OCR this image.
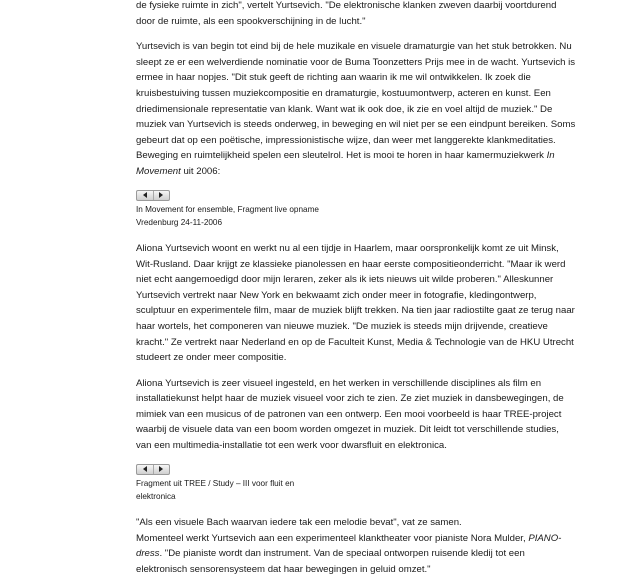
de fysieke ruimte in zich", vertelt Yurtsevich. "De elektronische klanken zweven daarbij voortdurend
door de ruimte, als een spookverschijning in de lucht."

Yurtsevich is van begin tot eind bij de hele muzikale en visuele dramaturgie van het stuk betrokken. Nu sleept ze er een welverdiende nominatie voor de Buma Toonzetters Prijs mee in de wacht. Yurtsevich is ermee in haar nopjes. "Dit stuk geeft de richting aan waarin ik me wil ontwikkelen. Ik zoek die kruisbestuiving tussen muziekcompositie en dramaturgie, kostuumontwerp, acteren en kunst. Een driedimensionale representatie van klank. Want wat ik ook doe, ik zie en voel altijd de muziek." De muziek van Yurtsevich is steeds onderweg, in beweging en wil niet per se een eindpunt bereiken. Soms gebeurt dat op een poëtische, impressionistische wijze, dan weer met langgerekte klankmeditaties. Beweging en ruimtelijkheid spelen een sleutelrol. Het is mooi te horen in haar kamermuziekwerk In Movement uit 2006:

In Movement for ensemble, Fragment live opname
Vredenburg 24-11-2006

Aliona Yurtsevich woont en werkt nu al een tijdje in Haarlem, maar oorspronkelijk komt ze uit Minsk, Wit-Rusland. Daar krijgt ze klassieke pianolessen en haar eerste compositieonderricht. "Maar ik werd niet echt aangemoedigd door mijn leraren, zeker als ik iets nieuws uit wilde proberen." Alleskunner Yurtsevich vertrekt naar New York en bekwaamt zich onder meer in fotografie, kledingontwerp, sculptuur en experimentele film, maar de muziek blijft trekken. Na tien jaar radiostilte gaat ze terug naar haar wortels, het componeren van nieuwe muziek. "De muziek is steeds mijn drijvende, creatieve kracht." Ze vertrekt naar Nederland en op de Faculteit Kunst, Media & Technologie van de HKU Utrecht studeert ze onder meer compositie.

Aliona Yurtsevich is zeer visueel ingesteld, en het werken in verschillende disciplines als film en installatiekunst helpt haar de muziek visueel voor zich te zien. Ze ziet muziek in dansbewegingen, de mimiek van een musicus of de patronen van een ontwerp. Een mooi voorbeeld is haar TREE-project waarbij de visuele data van een boom worden omgezet in muziek. Dit leidt tot verschillende studies, van een multimedia-installatie tot een werk voor dwarsfluit en elektronica.

Fragment uit TREE / Study – III voor fluit en
elektronica

"Als een visuele Bach waarvan iedere tak een melodie bevat", vat ze samen.
Momenteel werkt Yurtsevich aan een experimenteel klanktheater voor pianiste Nora Mulder, PIANO-dress. "De pianiste wordt dan instrument. Van de speciaal ontworpen ruisende kledij tot een elektronisch sensorensysteem dat haar bewegingen in geluid omzet."
